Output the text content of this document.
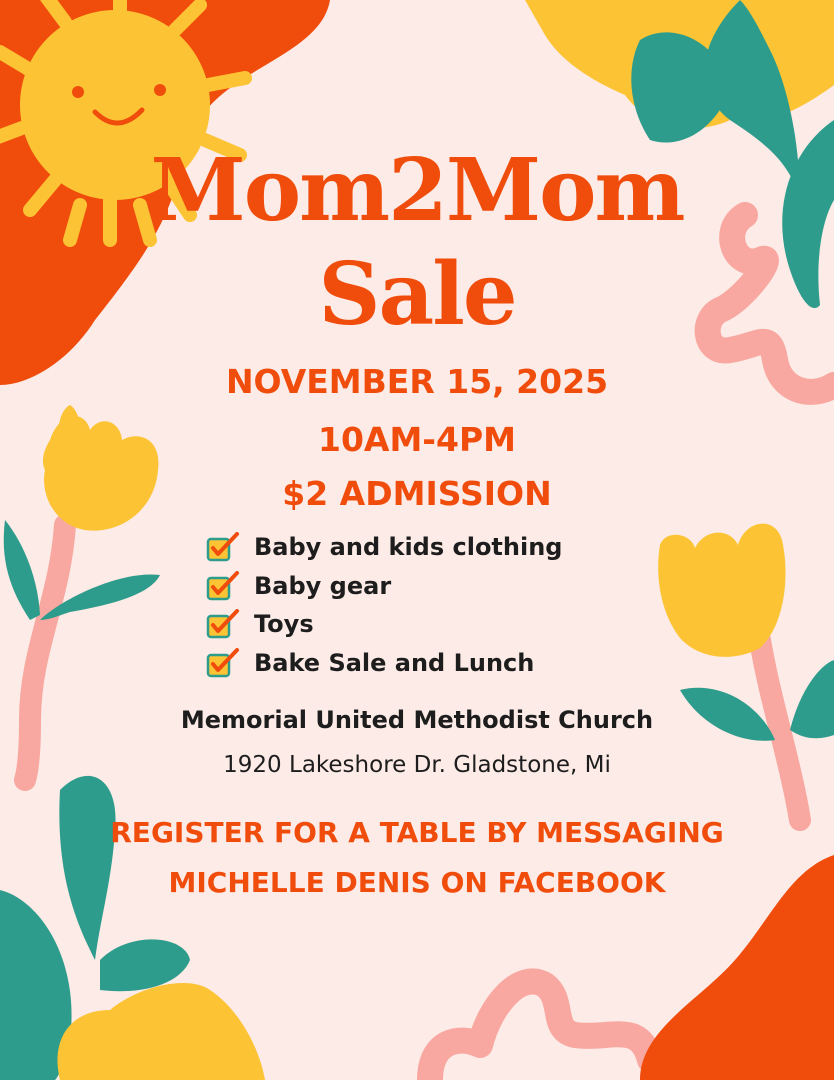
Mom2Mom
Sale
NOVEMBER 15, 2025
10AM-4PM
$2 ADMISSION
Baby and kids clothing
Baby gear
Toys
Bake Sale and Lunch
Memorial United Methodist Church
1920 Lakeshore Dr. Gladstone, Mi
REGISTER FOR A TABLE BY MESSAGING MICHELLE DENIS ON FACEBOOK
